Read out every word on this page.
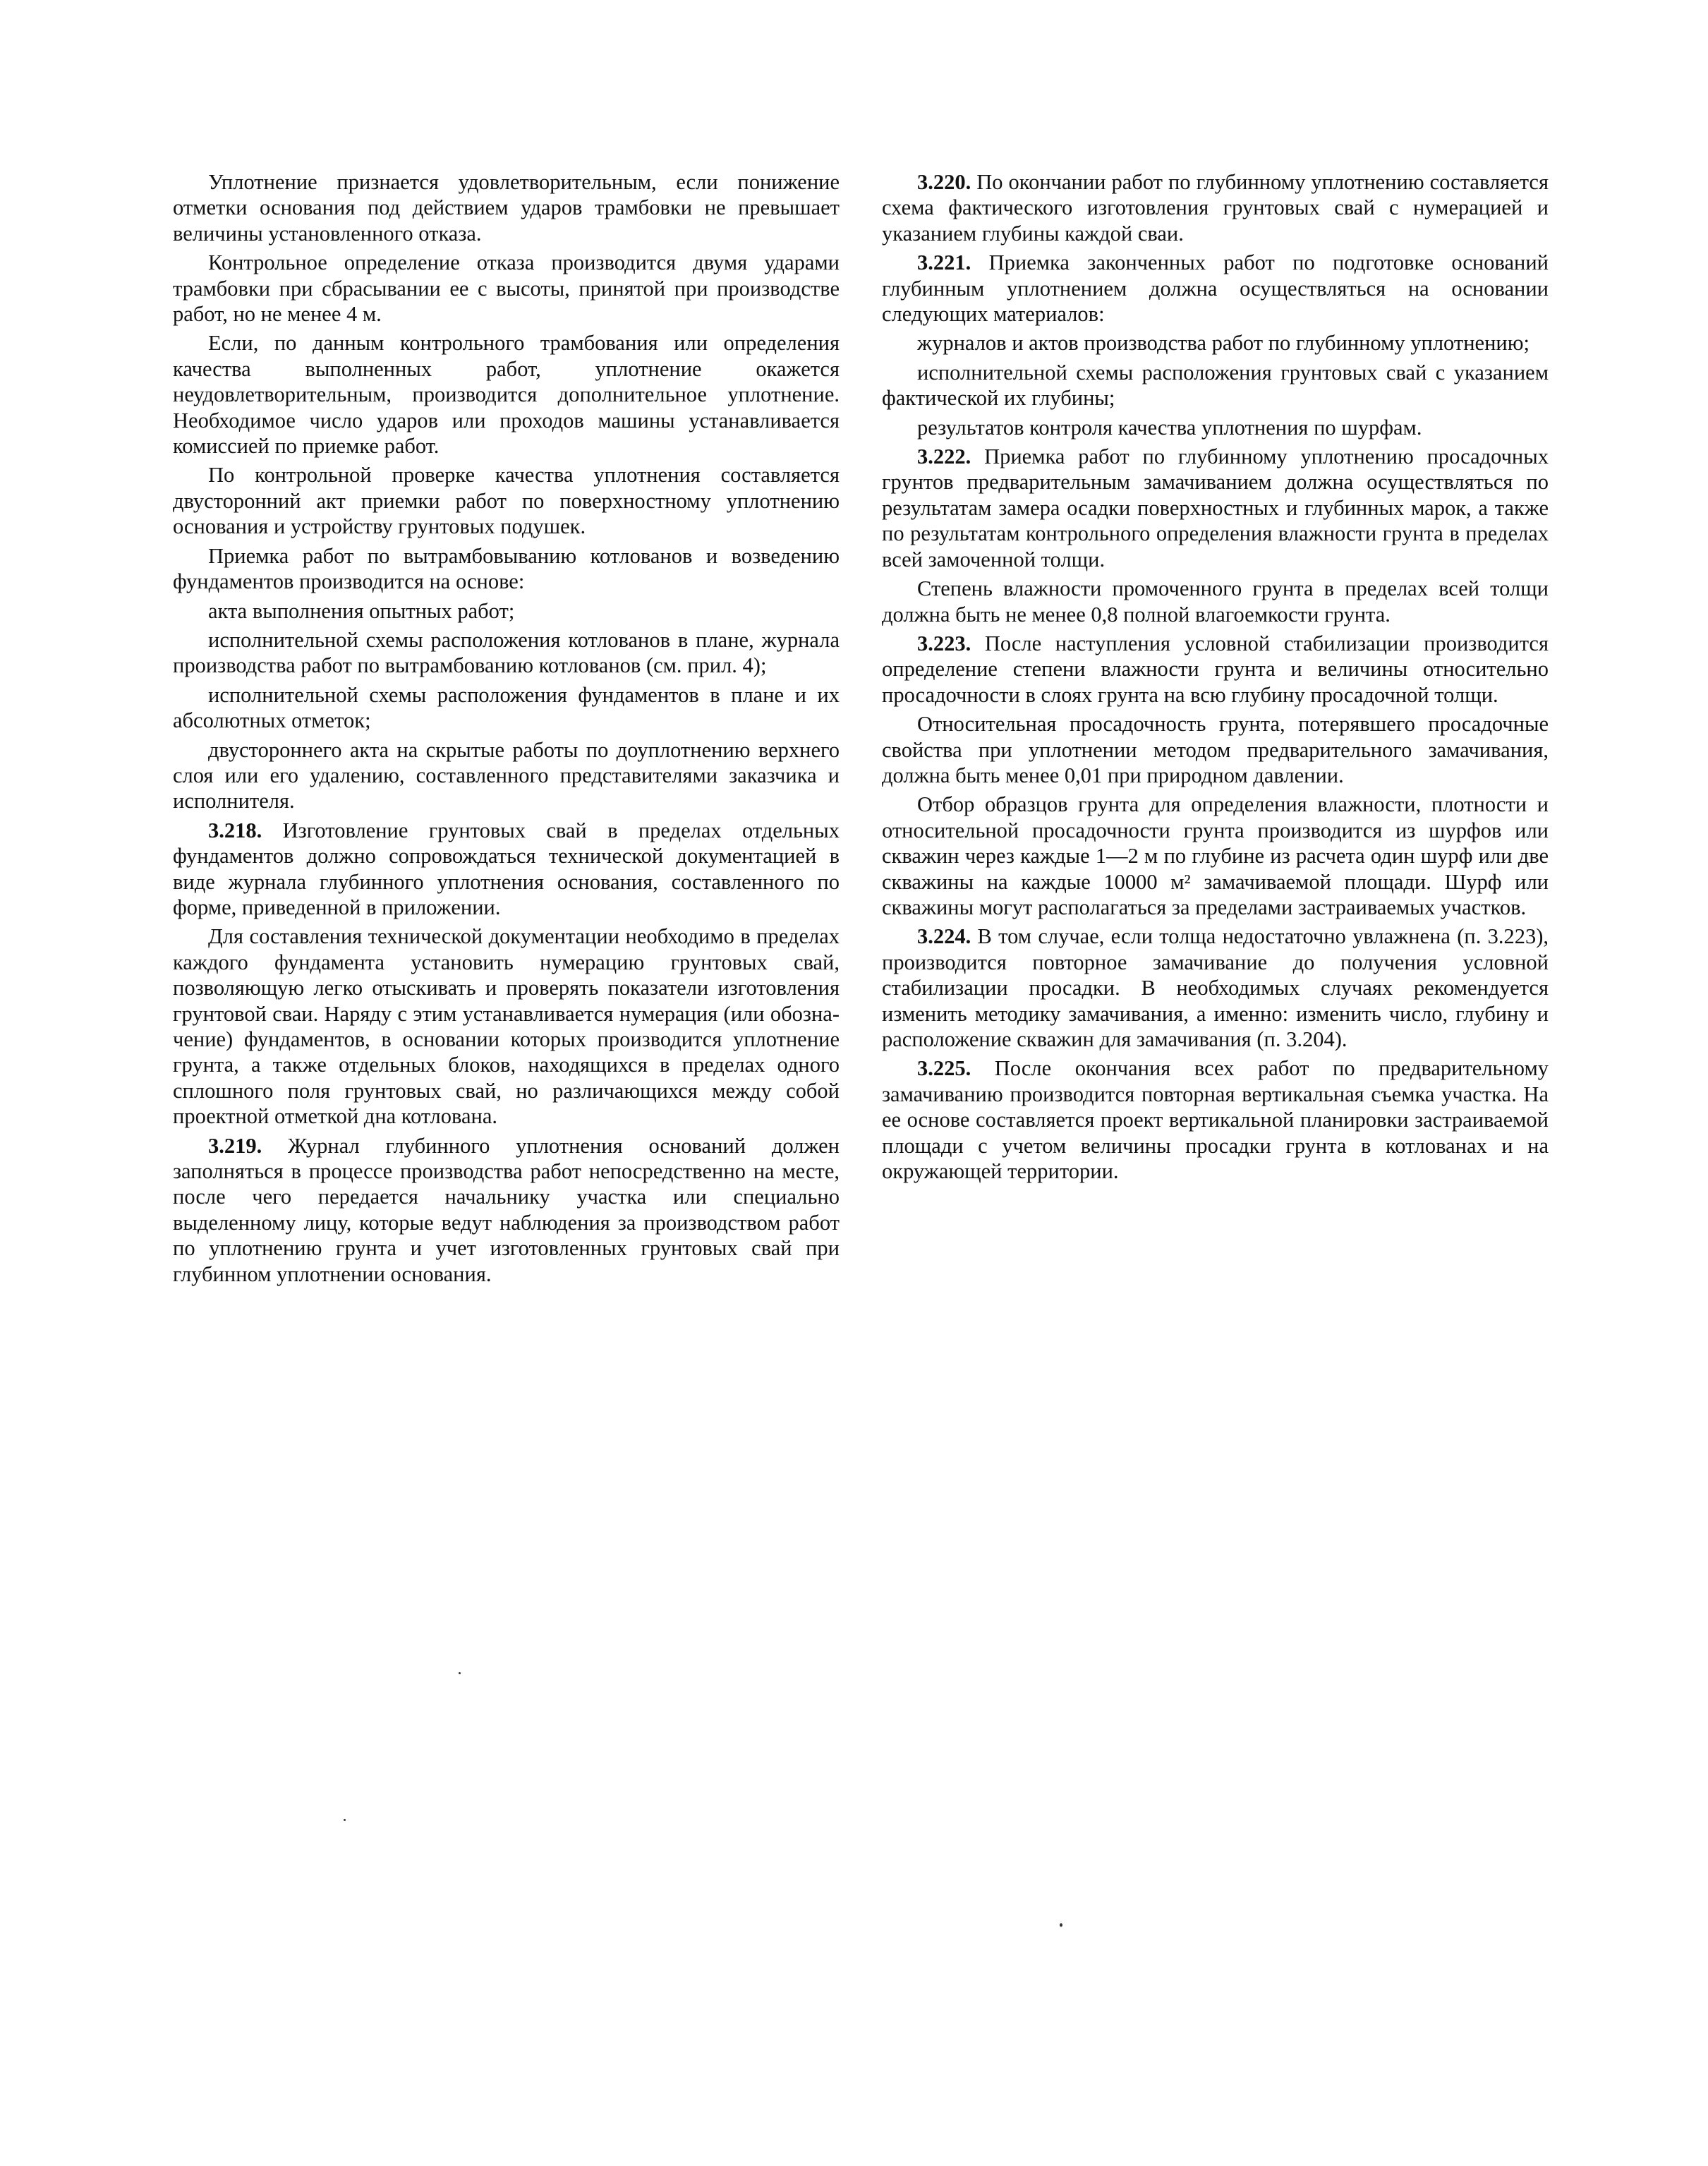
Уплотнение признается удовлетворительным, если понижение отметки основания под действием ударов трамбовки не превышает величины установленного отказа.

Контрольное определение отказа производится двумя ударами трамбовки при сбрасывании ее с высоты, принятой при производстве работ, но не менее 4 м.

Если, по данным контрольного трамбования или определения качества выполненных работ, уплотнение окажется неудовлетворительным, производится дополнительное уплотнение. Необходимое число ударов или проходов машины устанавливается комиссией по приемке работ.

По контрольной проверке качества уплотнения составляется двусторонний акт приемки работ по поверхностному уплотнению основания и устройству грунтовых подушек.

Приемка работ по вытрамбовыванию котлованов и возведению фундаментов производится на основе:

акта выполнения опытных работ;

исполнительной схемы расположения котлованов в плане, журнала производства работ по вытрамбованию котлованов (см. прил. 4);

исполнительной схемы расположения фундаментов в плане и их абсолютных отметок;

двустороннего акта на скрытые работы по доуплотнению верхнего слоя или его удалению, составленного представителями заказчика и исполнителя.

3.218. Изготовление грунтовых свай в пределах отдельных фундаментов должно сопровождаться технической документацией в виде журнала глубинного уплотнения основания, составленного по форме, приведенной в приложении.

Для составления технической документации необходимо в пределах каждого фундамента установить нумерацию грунтовых свай, позволяющую легко отыскивать и проверять показатели изготовления грунтовой сваи. Наряду с этим устанавливается нумерация (или обозначение) фундаментов, в основании которых производится уплотнение грунта, а также отдельных блоков, находящихся в пределах одного сплошного поля грунтовых свай, но различающихся между собой проектной отметкой дна котлована.

3.219. Журнал глубинного уплотнения оснований должен заполняться в процессе производства работ непосредственно на месте, после чего передается начальнику участка или специально выделенному лицу, которые ведут наблюдения за производством работ по уплотнению грунта и учет изготовленных грунтовых свай при глубинном уплотнении основания.

3.220. По окончании работ по глубинному уплотнению составляется схема фактического изготовления грунтовых свай с нумерацией и указанием глубины каждой сваи.

3.221. Приемка законченных работ по подготовке оснований глубинным уплотнением должна осуществляться на основании следующих материалов:

журналов и актов производства работ по глубинному уплотнению;

исполнительной схемы расположения грунтовых свай с указанием фактической их глубины;

результатов контроля качества уплотнения по шурфам.

3.222. Приемка работ по глубинному уплотнению просадочных грунтов предварительным замачиванием должна осуществляться по результатам замера осадки поверхностных и глубинных марок, а также по результатам контрольного определения влажности грунта в пределах всей замоченной толщи.

Степень влажности промоченного грунта в пределах всей толщи должна быть не менее 0,8 полной влагоемкости грунта.

3.223. После наступления условной стабилизации производится определение степени влажности грунта и величины относительно просадочности в слоях грунта на всю глубину просадочной толщи.

Относительная просадочность грунта, потерявшего просадочные свойства при уплотнении методом предварительного замачивания, должна быть менее 0,01 при природном давлении.

Отбор образцов грунта для определения влажности, плотности и относительной просадочности грунта производится из шурфов или скважин через каждые 1—2 м по глубине из расчета один шурф или две скважины на каждые 10000 м² замачиваемой площади. Шурф или скважины могут располагаться за пределами застраиваемых участков.

3.224. В том случае, если толща недостаточно увлажнена (п. 3.223), производится повторное замачивание до получения условной стабилизации просадки. В необходимых случаях рекомендуется изменить методику замачивания, а именно: изменить число, глубину и расположение скважин для замачивания (п. 3.204).

3.225. После окончания всех работ по предварительному замачиванию производится повторная вертикальная съемка участка. На ее основе составляется проект вертикальной планировки застраиваемой площади с учетом величины просадки грунта в котлованах и на окружающей территории.
